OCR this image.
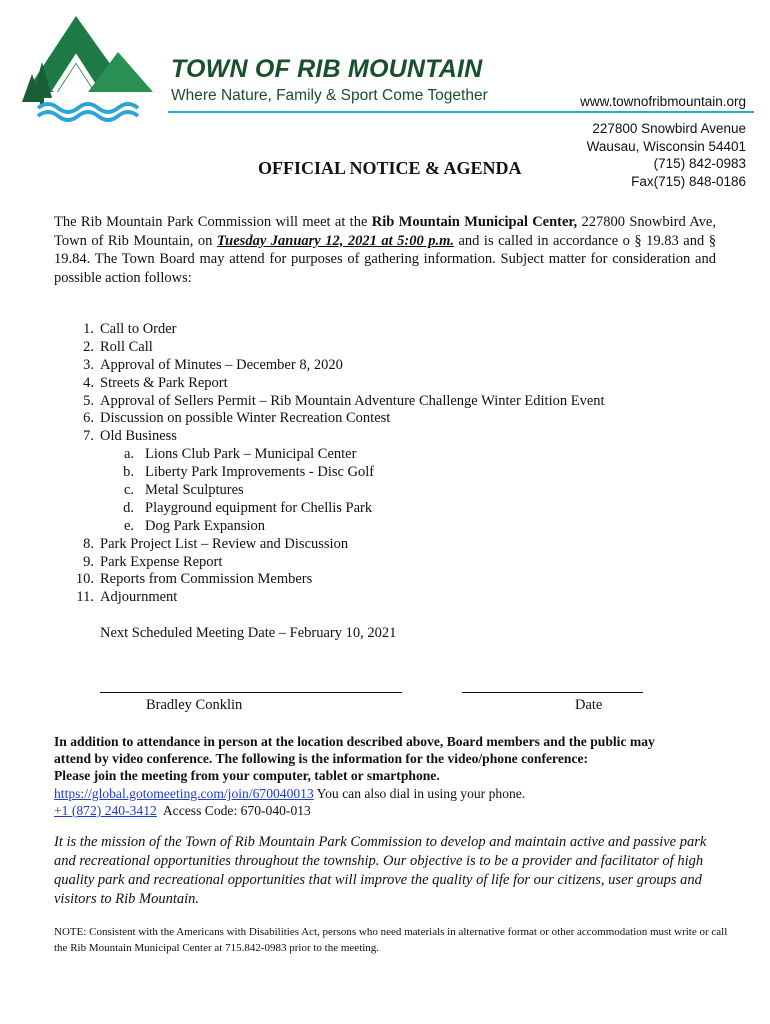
TOWN OF RIB MOUNTAIN
Where Nature, Family & Sport Come Together	www.townofribmountain.org
227800 Snowbird Avenue
Wausau, Wisconsin 54401
(715) 842-0983
Fax(715) 848-0186
OFFICIAL NOTICE & AGENDA
The Rib Mountain Park Commission will meet at the Rib Mountain Municipal Center, 227800 Snowbird Ave, Town of Rib Mountain, on Tuesday January 12, 2021 at 5:00 p.m. and is called in accordance o § 19.83 and § 19.84. The Town Board may attend for purposes of gathering information. Subject matter for consideration and possible action follows:
1. Call to Order
2. Roll Call
3. Approval of Minutes – December 8, 2020
4. Streets & Park Report
5. Approval of Sellers Permit – Rib Mountain Adventure Challenge Winter Edition Event
6. Discussion on possible Winter Recreation Contest
7. Old Business
a. Lions Club Park – Municipal Center
b. Liberty Park Improvements - Disc Golf
c. Metal Sculptures
d. Playground equipment for Chellis Park
e. Dog Park Expansion
8. Park Project List – Review and Discussion
9. Park Expense Report
10. Reports from Commission Members
11. Adjournment
Next Scheduled Meeting Date – February 10, 2021
Bradley Conklin	Date
In addition to attendance in person at the location described above, Board members and the public may
attend by video conference. The following is the information for the video/phone conference:
Please join the meeting from your computer, tablet or smartphone.
https://global.gotomeeting.com/join/670040013 You can also dial in using your phone.
+1 (872) 240-3412  Access Code: 670-040-013
It is the mission of the Town of Rib Mountain Park Commission to develop and maintain active and passive park and recreational opportunities throughout the township. Our objective is to be a provider and facilitator of high quality park and recreational opportunities that will improve the quality of life for our citizens, user groups and visitors to Rib Mountain.
NOTE: Consistent with the Americans with Disabilities Act, persons who need materials in alternative format or other accommodation must write or call the Rib Mountain Municipal Center at 715.842-0983 prior to the meeting.
